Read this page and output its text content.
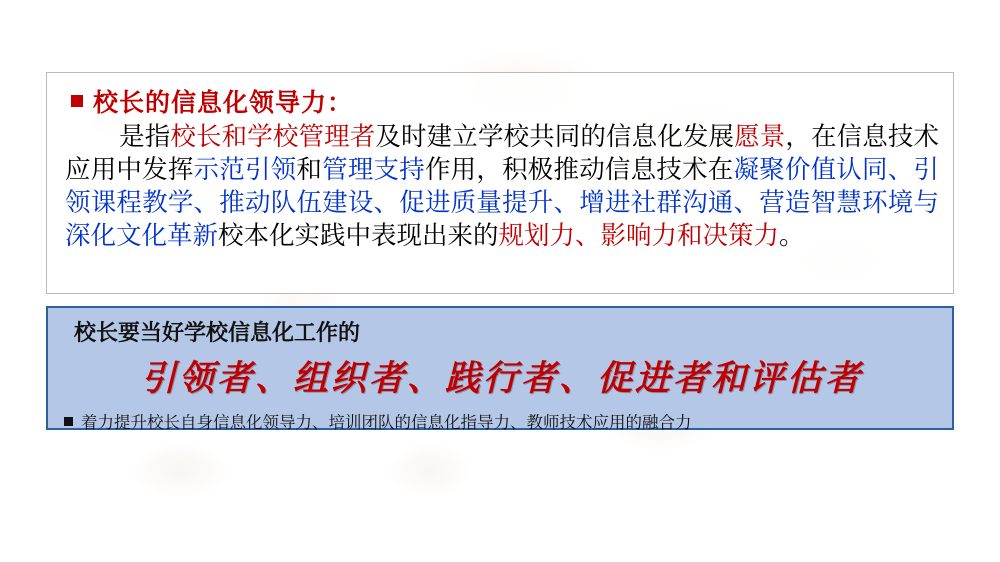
校长的信息化领导力：
是指校长和学校管理者及时建立学校共同的信息化发展愿景，在信息技术应用中发挥示范引领和管理支持作用，积极推动信息技术在凝聚价值认同、引领课程教学、推动队伍建设、促进质量提升、增进社群沟通、营造智慧环境与深化文化革新校本化实践中表现出来的规划力、影响力和决策力。
校长要当好学校信息化工作的
引领者、组织者、践行者、促进者和评估者
着力提升校长自身信息化领导力、培训团队的信息化指导力、教师技术应用的融合力
